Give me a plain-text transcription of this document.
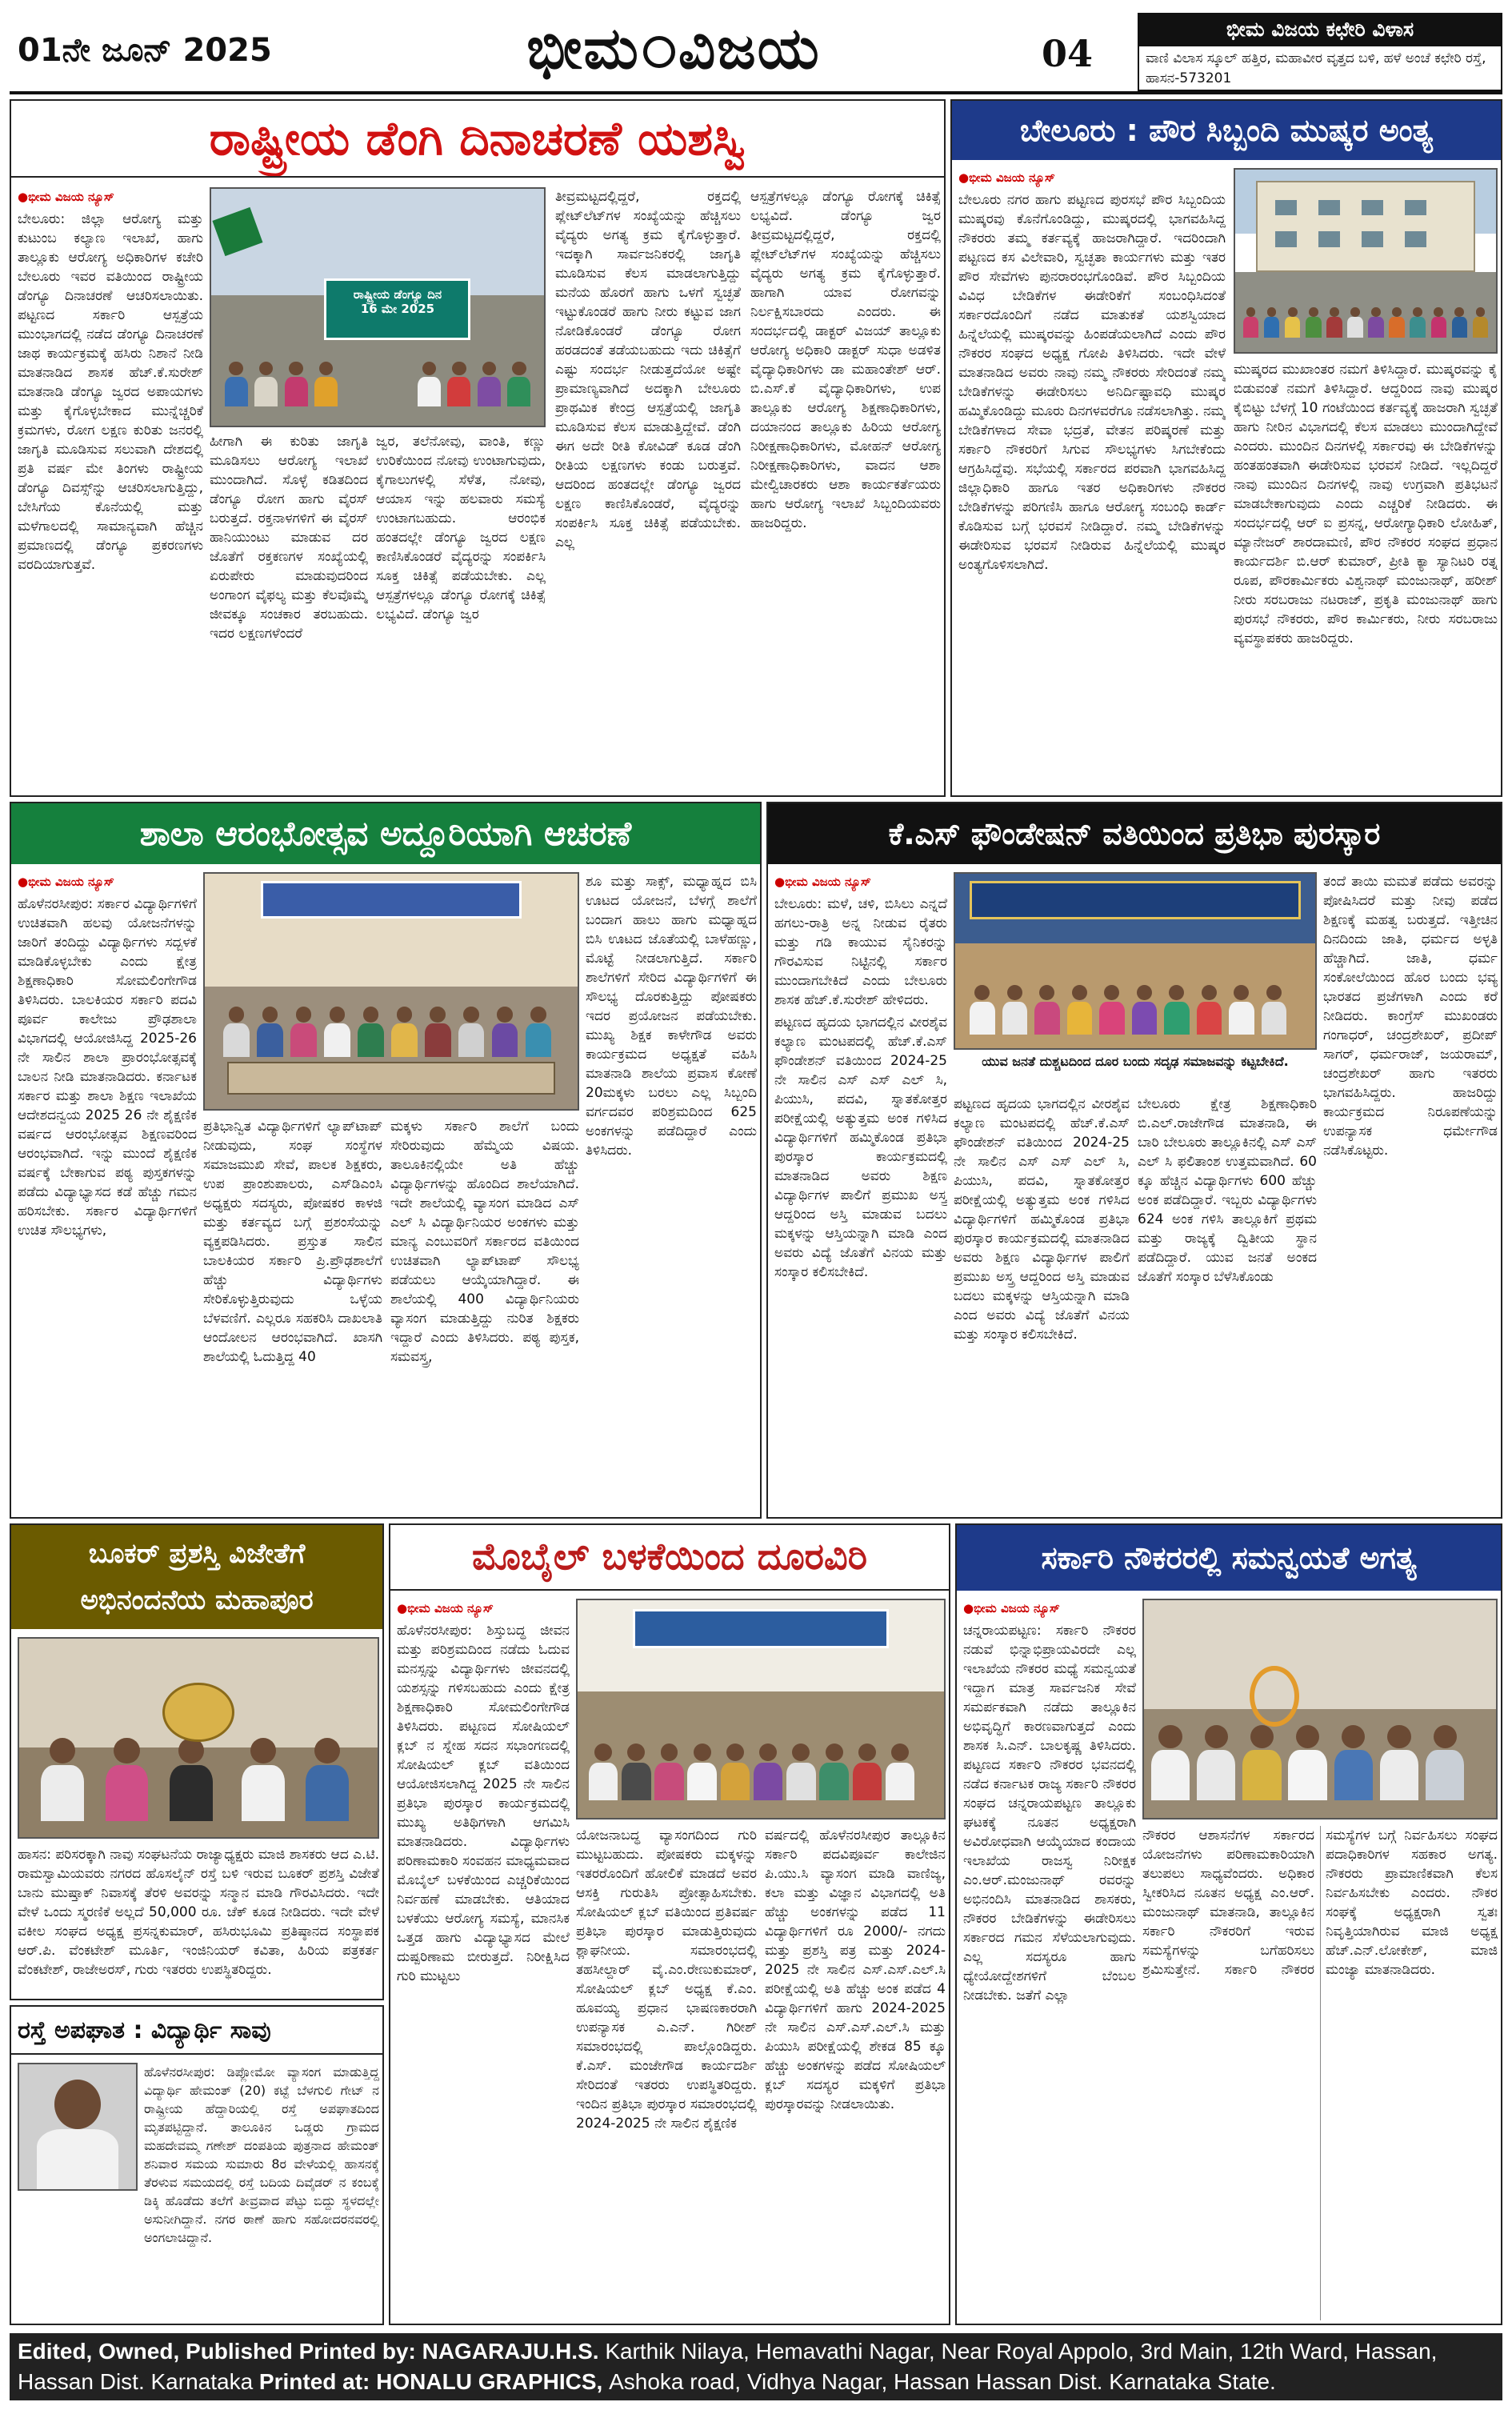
01ನೇ ಜೂನ್ 2025	ಭೀಮ ವಿಜಯ	04
ಭೀಮ ವಿಜಯ ಕಛೇರಿ ವಿಳಾಸ
ವಾಣಿ ವಿಲಾಸ ಸ್ಕೂಲ್ ಹತ್ತಿರ, ಮಹಾವೀರ ವೃತ್ತದ ಬಳಿ, ಹಳೆ ಅಂಚೆ ಕಛೇರಿ ರಸ್ತೆ, ಹಾಸನ-573201
ರಾಷ್ಟ್ರೀಯ ಡೆಂಗಿ ದಿನಾಚರಣೆ ಯಶಸ್ವಿ
ರಾಷ್ಟ್ರೀಯ ಡೆಂಗ್ಯೂ ದಿನ
16 ಮೇ 2025
● ಭೀಮ ವಿಜಯ ನ್ಯೂಸ್

ಬೇಲೂರು: ಜಿಲ್ಲಾ ಆರೋಗ್ಯ ಮತ್ತು ಕುಟುಂಬ ಕಲ್ಯಾಣ ಇಲಾಖೆ, ಹಾಗು ತಾಲ್ಲೂಕು ಆರೋಗ್ಯ ಅಧಿಕಾರಿಗಳ ಕಚೇರಿ ಬೇಲೂರು ಇವರ ವತಿಯಿಂದ ರಾಷ್ಟ್ರೀಯ ಡೆಂಗ್ಯೂ ದಿನಾಚರಣೆ ಆಚರಿಸಲಾಯಿತು. ಪಟ್ಟಣದ ಸರ್ಕಾರಿ ಆಸ್ಪತ್ರೆಯ ಮುಂಭಾಗದಲ್ಲಿ ನಡೆದ ಡೆಂಗ್ಯೂ ದಿನಾಚರಣೆ ಜಾಥ ಕಾರ್ಯಕ್ರಮಕ್ಕೆ ಹಸಿರು ನಿಶಾನೆ ನೀಡಿ ಮಾತನಾಡಿದ ಶಾಸಕ ಹೆಚ್.ಕೆ.ಸುರೇಶ್ ಮಾತನಾಡಿ ಡೆಂಗ್ಯೂ ಜ್ವರದ ಅಪಾಯಗಳು ಮತ್ತು ಕೈಗೊಳ್ಳಬೇಕಾದ ಮುನ್ನೆಚ್ಚರಿಕೆ ಕ್ರಮಗಳು, ರೋಗ ಲಕ್ಷಣ ಕುರಿತು ಜನರಲ್ಲಿ ಜಾಗೃತಿ ಮೂಡಿಸುವ ಸಲುವಾಗಿ ದೇಶದಲ್ಲಿ ಪ್ರತಿ ವರ್ಷ ಮೇ ತಿಂಗಳು ರಾಷ್ಟ್ರೀಯ ಡೆಂಗ್ಯೂ ದಿವಸ್ಸ್‌ನ್ನು ಆಚರಿಸಲಾಗುತ್ತಿದ್ದು, ಬೇಸಿಗೆಯ ಕೊನೆಯಲ್ಲಿ ಮತ್ತು ಮಳೆಗಾಲದಲ್ಲಿ ಸಾಮಾನ್ಯವಾಗಿ ಹೆಚ್ಚಿನ ಪ್ರಮಾಣದಲ್ಲಿ ಡೆಂಗ್ಯೂ ಪ್ರಕರಣಗಳು ವರದಿಯಾಗುತ್ತವೆ.

ಹೀಗಾಗಿ ಈ ಕುರಿತು ಜಾಗೃತಿ ಮೂಡಿಸಲು ಆರೋಗ್ಯ ಇಲಾಖೆ ಮುಂದಾಗಿದೆ. ಸೊಳ್ಳೆ ಕಡಿತದಿಂದ ಡೆಂಗ್ಯೂ ರೋಗ ಹಾಗು ವೈರಸ್ ಬರುತ್ತದೆ. ರಕ್ತನಾಳಗಳಿಗೆ ಈ ವೈರಸ್ ಹಾನಿಯುಂಟು ಮಾಡುವ ದರ ಜೊತೆಗೆ ರಕ್ತಕಣಗಳ ಸಂಖ್ಯೆಯಲ್ಲಿ ಏರುಪೇರು ಮಾಡುವುದರಿಂದ ಅಂಗಾಂಗ ವೈಫಲ್ಯ ಮತ್ತು ಕೆಲವೊಮ್ಮೆ ಜೀವಕ್ಕೂ ಸಂಚಕಾರ ತರಬಹುದು. ಇದರ ಲಕ್ಷಣಗಳೆಂದರೆ

ಜ್ವರ, ತಲೆನೋವು, ವಾಂತಿ, ಕಣ್ಣು ಉರಿಕೆಯಿಂದ ನೋವು ಉಂಟಾಗುವುದು, ಕೈಗಾಲುಗಳಲ್ಲಿ ಸೆಳೆತ, ನೋವು, ಆಯಾಸ ಇನ್ನು ಹಲವಾರು ಸಮಸ್ಯೆ ಉಂಟಾಗಬಹುದು. ಆರಂಭಿಕ ಹಂತದಲ್ಲೇ ಡೆಂಗ್ಯೂ ಜ್ವರದ ಲಕ್ಷಣ ಕಾಣಿಸಿಕೊಂಡರೆ ವೈದ್ಯರನ್ನು ಸಂಪರ್ಕಿಸಿ ಸೂಕ್ತ ಚಿಕಿತ್ಸೆ ಪಡೆಯಬೇಕು. ಎಲ್ಲ ಆಸ್ಪತ್ರೆಗಳಲ್ಲೂ ಡೆಂಗ್ಯೂ ರೋಗಕ್ಕೆ ಚಿಕಿತ್ಸೆ ಲಭ್ಯವಿದೆ. ಡೆಂಗ್ಯೂ ಜ್ವರ

ತೀವ್ರಮಟ್ಟದಲ್ಲಿದ್ದರೆ, ರಕ್ತದಲ್ಲಿ ಪ್ಲೇಟ್‌ಲೆಟ್‌ಗಳ ಸಂಖ್ಯೆಯನ್ನು ಹೆಚ್ಚಿಸಲು ವೈದ್ಯರು ಅಗತ್ಯ ಕ್ರಮ ಕೈಗೊಳ್ಳುತ್ತಾರೆ. ಇದಕ್ಕಾಗಿ ಸಾರ್ವಜನಿಕರಲ್ಲಿ ಜಾಗೃತಿ ಮೂಡಿಸುವ ಕೆಲಸ ಮಾಡಲಾಗುತ್ತಿದ್ದು ಮನೆಯ ಹೊರಗೆ ಹಾಗು ಒಳಗೆ ಸ್ವಚ್ಛತೆ ಇಟ್ಟುಕೊಂಡರೆ ಹಾಗು ನೀರು ಕಟ್ಟುವ ಜಾಗ ನೋಡಿಕೊಂಡರೆ ಡೆಂಗ್ಯೂ ರೋಗ ಹರಡದಂತೆ ತಡೆಯಬಹುದು ಇದು ಚಿಕಿತ್ಸೆಗೆ ಎಷ್ಟು ಸಂದರ್ಭ ನೀಡುತ್ತದೆಯೋ ಅಷ್ಟೇ ಪ್ರಾಮಾಣ್ಯವಾಗಿದೆ ಅದಕ್ಕಾಗಿ ಬೇಲೂರು ಪ್ರಾಥಮಿಕ ಕೇಂದ್ರ ಆಸ್ಪತ್ರೆಯಲ್ಲಿ ಜಾಗೃತಿ ಮೂಡಿಸುವ ಕೆಲಸ ಮಾಡುತ್ತಿದ್ದೇವೆ. ಡೆಂಗಿ ಈಗ ಅದೇ ರೀತಿ ಕೋವಿಡ್ ಕೂಡ ಡೆಂಗಿ ರೀತಿಯ ಲಕ್ಷಣಗಳು ಕಂಡು ಬರುತ್ತವೆ. ಆದರಿಂದ ಹಂತದಲ್ಲೇ ಡೆಂಗ್ಯೂ ಜ್ವರದ ಲಕ್ಷಣ ಕಾಣಿಸಿಕೊಂಡರೆ, ವೈದ್ಯರನ್ನು ಸಂಪರ್ಕಿಸಿ ಸೂಕ್ತ ಚಿಕಿತ್ಸೆ ಪಡೆಯಬೇಕು. ಎಲ್ಲ

ಆಸ್ಪತ್ರೆಗಳಲ್ಲೂ ಡೆಂಗ್ಯೂ ರೋಗಕ್ಕೆ ಚಿಕಿತ್ಸೆ ಲಭ್ಯವಿದೆ. ಡೆಂಗ್ಯೂ ಜ್ವರ ತೀವ್ರಮಟ್ಟದಲ್ಲಿದ್ದರೆ, ರಕ್ತದಲ್ಲಿ ಪ್ಲೇಟ್‌ಲೆಟ್‌ಗಳ ಸಂಖ್ಯೆಯನ್ನು ಹೆಚ್ಚಿಸಲು ವೈದ್ಯರು ಅಗತ್ಯ ಕ್ರಮ ಕೈಗೊಳ್ಳುತ್ತಾರೆ. ಹಾಗಾಗಿ ಯಾವ ರೋಗವನ್ನು ನಿರ್ಲಕ್ಷಿಸಬಾರದು ಎಂದರು. ಈ ಸಂದರ್ಭದಲ್ಲಿ ಡಾಕ್ಟರ್ ವಿಜಯ್ ತಾಲ್ಲೂಕು ಆರೋಗ್ಯ ಅಧಿಕಾರಿ ಡಾಕ್ಟರ್ ಸುಧಾ ಅಡಳಿತ ವೈದ್ಯಾಧಿಕಾರಿಗಳು ಡಾ ಮಹಾಂತೇಶ್ ಆರ್. ಬಿ.ಎಸ್.ಕೆ ವೈದ್ಯಾಧಿಕಾರಿಗಳು, ಉಪ ತಾಲ್ಲೂಕು ಆರೋಗ್ಯ ಶಿಕ್ಷಣಾಧಿಕಾರಿಗಳು, ದಯಾನಂದ ತಾಲ್ಲೂಕು ಹಿರಿಯ ಆರೋಗ್ಯ ನಿರೀಕ್ಷಣಾಧಿಕಾರಿಗಳು, ಮೋಹನ್ ಆರೋಗ್ಯ ನಿರೀಕ್ಷಣಾಧಿಕಾರಿಗಳು, ವಾದನ ಆಶಾ ಮೇಲ್ವಿಚಾರಕರು ಆಶಾ ಕಾರ್ಯಕರ್ತೆಯರು ಹಾಗು ಆರೋಗ್ಯ ಇಲಾಖೆ ಸಿಬ್ಬಂದಿಯವರು ಹಾಜರಿದ್ದರು.

ಬೇಲೂರು : ಪೌರ ಸಿಬ್ಬಂದಿ ಮುಷ್ಕರ ಅಂತ್ಯ
● ಭೀಮ ವಿಜಯ ನ್ಯೂಸ್

ಬೇಲೂರು ನಗರ ಹಾಗು ಪಟ್ಟಣದ ಪುರಸಭೆ ಪೌರ ಸಿಬ್ಬಂದಿಯ ಮುಷ್ಕರವು ಕೊನೆಗೊಂಡಿದ್ದು, ಮುಷ್ಕರದಲ್ಲಿ ಭಾಗವಹಿಸಿದ್ದ ನೌಕರರು ತಮ್ಮ ಕರ್ತವ್ಯಕ್ಕೆ ಹಾಜರಾಗಿದ್ದಾರೆ. ಇದರಿಂದಾಗಿ ಪಟ್ಟಣದ ಕಸ ವಿಲೇವಾರಿ, ಸ್ವಚ್ಛತಾ ಕಾರ್ಯಗಳು ಮತ್ತು ಇತರ ಪೌರ ಸೇವೆಗಳು ಪುನರಾರಂಭಗೊಂಡಿವೆ. ಪೌರ ಸಿಬ್ಬಂದಿಯ ವಿವಿಧ ಬೇಡಿಕೆಗಳ ಈಡೇರಿಕೆಗೆ ಸಂಬಂಧಿಸಿದಂತೆ ಸರ್ಕಾರದೊಂದಿಗೆ ನಡೆದ ಮಾತುಕತೆ ಯಶಸ್ವಿಯಾದ ಹಿನ್ನೆಲೆಯಲ್ಲಿ ಮುಷ್ಕರವನ್ನು ಹಿಂಪಡೆಯಲಾಗಿದೆ ಎಂದು ಪೌರ ನೌಕರರ ಸಂಘದ ಅಧ್ಯಕ್ಷ ಗೋಪಿ ತಿಳಿಸಿದರು. ಇದೇ ವೇಳೆ ಮಾತನಾಡಿದ ಅವರು ನಾವು ನಮ್ಮ ನೌಕರರು ಸೇರಿದಂತೆ ನಮ್ಮ ಬೇಡಿಕೆಗಳನ್ನು ಈಡೇರಿಸಲು ಅನಿರ್ದಿಷ್ಟಾವಧಿ ಮುಷ್ಕರ ಹಮ್ಮಿಕೊಂಡಿದ್ದು ಮೂರು ದಿನಗಳವರೆಗೂ ನಡೆಸಲಾಗಿತ್ತು. ನಮ್ಮ ಬೇಡಿಕೆಗಳಾದ ಸೇವಾ ಭದ್ರತೆ, ವೇತನ ಪರಿಷ್ಕರಣೆ ಮತ್ತು ಸರ್ಕಾರಿ ನೌಕರರಿಗೆ ಸಿಗುವ ಸೌಲಭ್ಯಗಳು ಸಿಗಬೇಕೆಂದು ಆಗ್ರಹಿಸಿದ್ದೆವು. ಸಭೆಯಲ್ಲಿ ಸರ್ಕಾರದ ಪರವಾಗಿ ಭಾಗವಹಿಸಿದ್ದ ಜಿಲ್ಲಾಧಿಕಾರಿ ಹಾಗೂ ಇತರ ಅಧಿಕಾರಿಗಳು ನೌಕರರ ಬೇಡಿಕೆಗಳನ್ನು ಪರಿಗಣಿಸಿ ಹಾಗೂ ಆರೋಗ್ಯ ಸಂಬಂಧಿ ಕಾರ್ಡ್ ಕೊಡಿಸುವ ಬಗ್ಗೆ ಭರವಸೆ ನೀಡಿದ್ದಾರೆ. ನಮ್ಮ ಬೇಡಿಕೆಗಳನ್ನು ಈಡೇರಿಸುವ ಭರವಸೆ ನೀಡಿರುವ ಹಿನ್ನೆಲೆಯಲ್ಲಿ ಮುಷ್ಕರ ಅಂತ್ಯಗೊಳಿಸಲಾಗಿದೆ.

ಮುಷ್ಕರದ ಮುಖಾಂತರ ನಮಗೆ ತಿಳಿಸಿದ್ದಾರೆ. ಮುಷ್ಕರವನ್ನು ಕೈ ಬಿಡುವಂತೆ ನಮಗೆ ತಿಳಿಸಿದ್ದಾರೆ. ಆದ್ದರಿಂದ ನಾವು ಮುಷ್ಕರ ಕೈಬಿಟ್ಟು ಬೆಳಗ್ಗೆ 10 ಗಂಟೆಯಿಂದ ಕರ್ತವ್ಯಕ್ಕೆ ಹಾಜರಾಗಿ ಸ್ವಚ್ಛತೆ ಹಾಗು ನೀರಿನ ವಿಭಾಗದಲ್ಲಿ ಕೆಲಸ ಮಾಡಲು ಮುಂದಾಗಿದ್ದೇವೆ ಎಂದರು. ಮುಂದಿನ ದಿನಗಳಲ್ಲಿ ಸರ್ಕಾರವು ಈ ಬೇಡಿಕೆಗಳನ್ನು ಹಂತಹಂತವಾಗಿ ಈಡೇರಿಸುವ ಭರವಸೆ ನೀಡಿದೆ. ಇಲ್ಲದಿದ್ದರೆ ನಾವು ಮುಂದಿನ ದಿನಗಳಲ್ಲಿ ನಾವು ಉಗ್ರವಾಗಿ ಪ್ರತಿಭಟನೆ ಮಾಡಬೇಕಾಗುವುದು ಎಂದು ಎಚ್ಚರಿಕೆ ನೀಡಿದರು. ಈ ಸಂದರ್ಭದಲ್ಲಿ ಆರ್ ಐ ಪ್ರಸನ್ನ, ಆರೋಗ್ಯಾಧಿಕಾರಿ ಲೋಹಿತ್, ಮ್ಯಾನೇಜರ್ ಶಾರದಾಮಣಿ, ಪೌರ ನೌಕರರ ಸಂಘದ ಪ್ರಧಾನ ಕಾರ್ಯದರ್ಶಿ ಬಿ.ಆರ್ ಕುಮಾರ್, ಪ್ರೀತಿ ಕ್ಯಾ ಸ್ಯಾನಿಟರಿ ರತ್ನ ರೂಪ, ಪೌರಕಾರ್ಮಿಕರು ವಿಶ್ವನಾಥ್ ಮಂಜುನಾಥ್, ಹರೀಶ್ ನೀರು ಸರಬರಾಜು ನಟರಾಜ್, ಪ್ರಕೃತಿ ಮಂಜುನಾಥ್ ಹಾಗು ಪುರಸಭೆ ನೌಕರರು, ಪೌರ ಕಾರ್ಮಿಕರು, ನೀರು ಸರಬರಾಜು ವ್ಯವಸ್ಥಾಪಕರು ಹಾಜರಿದ್ದರು.

ಶಾಲಾ ಆರಂಭೋತ್ಸವ ಅದ್ದೂರಿಯಾಗಿ ಆಚರಣೆ
● ಭೀಮ ವಿಜಯ ನ್ಯೂಸ್

ಹೊಳೆನರಸೀಪುರ: ಸರ್ಕಾರ ವಿದ್ಯಾರ್ಥಿಗಳಿಗೆ ಉಚಿತವಾಗಿ ಹಲವು ಯೋಜನೆಗಳನ್ನು ಜಾರಿಗೆ ತಂದಿದ್ದು ವಿದ್ಯಾರ್ಥಿಗಳು ಸದ್ಬಳಕೆ ಮಾಡಿಕೊಳ್ಳಬೇಕು ಎಂದು ಕ್ಷೇತ್ರ ಶಿಕ್ಷಣಾಧಿಕಾರಿ ಸೋಮಲಿಂಗೇಗೌಡ ತಿಳಿಸಿದರು. ಬಾಲಕಿಯರ ಸರ್ಕಾರಿ ಪದವಿ ಪೂರ್ವ ಕಾಲೇಜು ಪ್ರೌಢಶಾಲಾ ವಿಭಾಗದಲ್ಲಿ ಆಯೋಜಿಸಿದ್ದ 2025-26 ನೇ ಸಾಲಿನ ಶಾಲಾ ಪ್ರಾರಂಭೋತ್ಸವಕ್ಕೆ ಬಾಲನ ನೀಡಿ ಮಾತನಾಡಿದರು. ಕರ್ನಾಟಕ ಸರ್ಕಾರ ಮತ್ತು ಶಾಲಾ ಶಿಕ್ಷಣ ಇಲಾಖೆಯ ಆದೇಶದನ್ವಯ 2025 26 ನೇ ಶೈಕ್ಷಣಿಕ ವರ್ಷದ ಆರಂಭೋತ್ಸವ ಶಿಕ್ಷಣವರಿಂದ ಆರಂಭವಾಗಿದೆ. ಇನ್ನು ಮುಂದೆ ಶೈಕ್ಷಣಿಕ ವರ್ಷಕ್ಕೆ ಬೇಕಾಗುವ ಪಠ್ಯ ಪುಸ್ತಕಗಳನ್ನು ಪಡೆದು ವಿದ್ಯಾಭ್ಯಾಸದ ಕಡೆ ಹೆಚ್ಚು ಗಮನ ಹರಿಸಬೇಕು. ಸರ್ಕಾರ ವಿದ್ಯಾರ್ಥಿಗಳಿಗೆ ಉಚಿತ ಸೌಲಭ್ಯಗಳು,

ಪ್ರತಿಭಾನ್ವಿತ ವಿದ್ಯಾರ್ಥಿಗಳಿಗೆ ಲ್ಯಾಪ್‌ಟಾಪ್ ನೀಡುವುದು, ಸಂಘ ಸಂಸ್ಥೆಗಳ ಸಮಾಜಮುಖಿ ಸೇವೆ, ಪಾಲಕ ಶಿಕ್ಷಕರು, ಉಪ ಪ್ರಾಂಶುಪಾಲರು, ಎಸ್‌ಡಿಎಂಸಿ ಅಧ್ಯಕ್ಷರು ಸದಸ್ಯರು, ಪೋಷಕರ ಕಾಳಜಿ ಮತ್ತು ಕರ್ತವ್ಯದ ಬಗ್ಗೆ ಪ್ರಶಂಸೆಯನ್ನು ವ್ಯಕ್ತಪಡಿಸಿದರು. ಪ್ರಸ್ತುತ ಸಾಲಿನ ಬಾಲಕಿಯರ ಸರ್ಕಾರಿ ಪ್ರಿ.ಪ್ರೌಢಶಾಲೆಗೆ ಹೆಚ್ಚು ವಿದ್ಯಾರ್ಥಿಗಳು ಸೇರಿಕೊಳ್ಳುತ್ತಿರುವುದು ಒಳ್ಳೆಯ ಬೆಳವಣಿಗೆ. ಎಲ್ಲರೂ ಸಹಕರಿಸಿ ದಾಖಲಾತಿ ಆಂದೋಲನ ಆರಂಭವಾಗಿದೆ. ಖಾಸಗಿ ಶಾಲೆಯಲ್ಲಿ ಓದುತ್ತಿದ್ದ 40

ಮಕ್ಕಳು ಸರ್ಕಾರಿ ಶಾಲೆಗೆ ಬಂದು ಸೇರಿರುವುದು ಹೆಮ್ಮೆಯ ವಿಷಯ. ತಾಲೂಕಿನಲ್ಲಿಯೇ ಅತಿ ಹೆಚ್ಚು ವಿದ್ಯಾರ್ಥಿಗಳನ್ನು ಹೊಂದಿದ ಶಾಲೆಯಾಗಿದೆ. ಇದೇ ಶಾಲೆಯಲ್ಲಿ ವ್ಯಾಸಂಗ ಮಾಡಿದ ಎಸ್ ಎಲ್ ಸಿ ವಿದ್ಯಾರ್ಥಿನಿಯರ ಅಂಕಗಳು ಮತ್ತು ಮಾನ್ಯ ಎಂಬುವರಿಗೆ ಸರ್ಕಾರದ ವತಿಯಿಂದ ಉಚಿತವಾಗಿ ಲ್ಯಾಪ್‌ಟಾಪ್ ಸೌಲಭ್ಯ ಪಡೆಯಲು ಆಯ್ಕೆಯಾಗಿದ್ದಾರೆ. ಈ ಶಾಲೆಯಲ್ಲಿ 400 ವಿದ್ಯಾರ್ಥಿನಿಯರು ವ್ಯಾಸಂಗ ಮಾಡುತ್ತಿದ್ದು ನುರಿತ ಶಿಕ್ಷಕರು ಇದ್ದಾರೆ ಎಂದು ತಿಳಿಸಿದರು. ಪಠ್ಯ ಪುಸ್ತಕ, ಸಮವಸ್ತ್ರ,

ಶೂ ಮತ್ತು ಸಾಕ್ಸ್, ಮಧ್ಯಾಹ್ನದ ಬಿಸಿ ಊಟದ ಯೋಜನೆ, ಬೆಳಗ್ಗೆ ಶಾಲೆಗೆ ಬಂದಾಗ ಹಾಲು ಹಾಗು ಮಧ್ಯಾಹ್ನದ ಬಿಸಿ ಊಟದ ಜೊತೆಯಲ್ಲಿ ಬಾಳೆಹಣ್ಣು, ಮೊಟ್ಟೆ ನೀಡಲಾಗುತ್ತಿದೆ. ಸರ್ಕಾರಿ ಶಾಲೆಗಳಿಗೆ ಸೇರಿದ ವಿದ್ಯಾರ್ಥಿಗಳಿಗೆ ಈ ಸೌಲಭ್ಯ ದೊರಕುತ್ತಿದ್ದು ಪೋಷಕರು ಇದರ ಪ್ರಯೋಜನ ಪಡೆಯಬೇಕು. ಮುಖ್ಯ ಶಿಕ್ಷಕ ಕಾಳೇಗೌಡ ಅವರು ಕಾರ್ಯಕ್ರಮದ ಅಧ್ಯಕ್ಷತೆ ವಹಿಸಿ ಮಾತನಾಡಿ ಶಾಲೆಯ ಪ್ರವಾಸ ಕೋಣೆ 20ಮಕ್ಕಳು ಬರಲು ಎಲ್ಲ ಸಿಬ್ಬಂದಿ ವರ್ಗದವರ ಪರಿಶ್ರಮದಿಂದ 625 ಅಂಕಗಳನ್ನು ಪಡೆದಿದ್ದಾರೆ ಎಂದು ತಿಳಿಸಿದರು.

ಕೆ.ಎಸ್ ಫೌಂಡೇಷನ್ ವತಿಯಿಂದ ಪ್ರತಿಭಾ ಪುರಸ್ಕಾರ
ಯುವ ಜನತೆ ದುಶ್ಚಟದಿಂದ ದೂರ ಬಂದು ಸದೃಢ ಸಮಾಜವನ್ನು ಕಟ್ಟಬೇಕಿದೆ.
● ಭೀಮ ವಿಜಯ ನ್ಯೂಸ್

ಬೇಲೂರು: ಮಳೆ, ಚಳಿ, ಬಿಸಿಲು ಎನ್ನದೆ ಹಗಲು-ರಾತ್ರಿ ಅನ್ನ ನೀಡುವ ರೈತರು ಮತ್ತು ಗಡಿ ಕಾಯುವ ಸೈನಿಕರನ್ನು ಗೌರವಿಸುವ ನಿಟ್ಟಿನಲ್ಲಿ ಸರ್ಕಾರ ಮುಂದಾಗಬೇಕಿದೆ ಎಂದು ಬೇಲೂರು ಶಾಸಕ ಹೆಚ್.ಕೆ.ಸುರೇಶ್ ಹೇಳಿದರು.

ಪಟ್ಟಣದ ಹೃದಯ ಭಾಗದಲ್ಲಿನ ವೀರಶೈವ ಕಲ್ಯಾಣ ಮಂಟಪದಲ್ಲಿ ಹೆಚ್.ಕೆ.ಎಸ್ ಫೌಂಡೇಶನ್ ವತಿಯಿಂದ 2024-25 ನೇ ಸಾಲಿನ ಎಸ್ ಎಸ್ ಎಲ್ ಸಿ, ಪಿಯುಸಿ, ಪದವಿ, ಸ್ನಾತಕೋತ್ತರ ಪರೀಕ್ಷೆಯಲ್ಲಿ ಅತ್ಯುತ್ತಮ ಅಂಕ ಗಳಿಸಿದ ವಿದ್ಯಾರ್ಥಿಗಳಿಗೆ ಹಮ್ಮಿಕೊಂಡ ಪ್ರತಿಭಾ ಪುರಸ್ಕಾರ ಕಾರ್ಯಕ್ರಮದಲ್ಲಿ ಮಾತನಾಡಿದ ಅವರು ಶಿಕ್ಷಣ ವಿದ್ಯಾರ್ಥಿಗಳ ಪಾಲಿಗೆ ಪ್ರಮುಖ ಅಸ್ತ್ರ ಆದ್ದರಿಂದ ಅಸ್ತಿ ಮಾಡುವ ಬದಲು ಮಕ್ಕಳನ್ನು ಆಸ್ತಿಯನ್ನಾಗಿ ಮಾಡಿ ಎಂದ ಅವರು ವಿದ್ಯೆ ಜೊತೆಗೆ ವಿನಯ ಮತ್ತು ಸಂಸ್ಕಾರ ಕಲಿಸಬೇಕಿದೆ.

ಪಟ್ಟಣದ ಹೃದಯ ಭಾಗದಲ್ಲಿನ ವೀರಶೈವ ಕಲ್ಯಾಣ ಮಂಟಪದಲ್ಲಿ ಹೆಚ್.ಕೆ.ಎಸ್ ಫೌಂಡೇಶನ್ ವತಿಯಿಂದ 2024-25 ನೇ ಸಾಲಿನ ಎಸ್ ಎಸ್ ಎಲ್ ಸಿ, ಪಿಯುಸಿ, ಪದವಿ, ಸ್ನಾತಕೋತ್ತರ ಪರೀಕ್ಷೆಯಲ್ಲಿ ಅತ್ಯುತ್ತಮ ಅಂಕ ಗಳಿಸಿದ ವಿದ್ಯಾರ್ಥಿಗಳಿಗೆ ಹಮ್ಮಿಕೊಂಡ ಪ್ರತಿಭಾ ಪುರಸ್ಕಾರ ಕಾರ್ಯಕ್ರಮದಲ್ಲಿ ಮಾತನಾಡಿದ ಅವರು ಶಿಕ್ಷಣ ವಿದ್ಯಾರ್ಥಿಗಳ ಪಾಲಿಗೆ ಪ್ರಮುಖ ಅಸ್ತ್ರ ಆದ್ದರಿಂದ ಅಸ್ತಿ ಮಾಡುವ ಬದಲು ಮಕ್ಕಳನ್ನು ಆಸ್ತಿಯನ್ನಾಗಿ ಮಾಡಿ ಎಂದ ಅವರು ವಿದ್ಯೆ ಜೊತೆಗೆ ವಿನಯ ಮತ್ತು ಸಂಸ್ಕಾರ ಕಲಿಸಬೇಕಿದೆ.

ಬೇಲೂರು ಕ್ಷೇತ್ರ ಶಿಕ್ಷಣಾಧಿಕಾರಿ ಬಿ.ಎಲ್.ರಾಜೇಗೌಡ ಮಾತನಾಡಿ, ಈ ಬಾರಿ ಬೇಲೂರು ತಾಲ್ಲೂಕಿನಲ್ಲಿ ಎಸ್ ಎಸ್ ಎಲ್ ಸಿ ಫಲಿತಾಂಶ ಉತ್ತಮವಾಗಿದೆ. 60 ಕ್ಕೂ ಹೆಚ್ಚಿನ ವಿದ್ಯಾರ್ಥಿಗಳು 600 ಹೆಚ್ಚು ಅಂಕ ಪಡೆದಿದ್ದಾರೆ. ಇಬ್ಬರು ವಿದ್ಯಾರ್ಥಿಗಳು 624 ಅಂಕ ಗಳಿಸಿ ತಾಲ್ಲೂಕಿಗೆ ಪ್ರಥಮ ಮತ್ತು ರಾಜ್ಯಕ್ಕೆ ದ್ವಿತೀಯ ಸ್ಥಾನ ಪಡೆದಿದ್ದಾರೆ. ಯುವ ಜನತೆ ಅಂಕದ ಜೊತೆಗೆ ಸಂಸ್ಕಾರ ಬೆಳೆಸಿಕೊಂಡು

ತಂದೆ ತಾಯಿ ಮಮತೆ ಪಡೆದು ಅವರನ್ನು ಪೋಷಿಸಿದರೆ ಮತ್ತು ನೀವು ಪಡೆದ ಶಿಕ್ಷಣಕ್ಕೆ ಮಹತ್ವ ಬರುತ್ತದೆ. ಇತ್ತೀಚಿನ ದಿನದಿಂದು ಜಾತಿ, ಧರ್ಮದ ಅಳ್ಳತಿ ಹೆಚ್ಚಾಗಿದೆ. ಜಾತಿ, ಧರ್ಮ ಸಂಕೋಲೆಯಿಂದ ಹೊರ ಬಂದು ಭವ್ಯ ಭಾರತದ ಪ್ರಜೆಗಳಾಗಿ ಎಂದು ಕರೆ ನೀಡಿದರು. ಕಾಂಗ್ರೆಸ್ ಮುಖಂಡರು ಗಂಗಾಧರ್, ಚಂದ್ರಶೇಖರ್, ಪ್ರದೀಪ್ ಸಾಗರ್, ಧರ್ಮರಾಜ್, ಜಯರಾಮ್, ಚಂದ್ರಶೇಖರ್ ಹಾಗು ಇತರರು ಭಾಗವಹಿಸಿದ್ದರು. ಹಾಜರಿದ್ದು ಕಾರ್ಯಕ್ರಮದ ನಿರೂಪಣೆಯನ್ನು ಉಪನ್ಯಾಸಕ ಧರ್ಮೇಗೌಡ ನಡೆಸಿಕೊಟ್ಟರು.

ಬೂಕರ್ ಪ್ರಶಸ್ತಿ ವಿಜೇತೆಗೆ
ಅಭಿನಂದನೆಯ ಮಹಾಪೂರ

ಹಾಸನ: ಪರಿಸರಕ್ಕಾಗಿ ನಾವು ಸಂಘಟನೆಯ ರಾಜ್ಯಾಧ್ಯಕ್ಷರು ಮಾಜಿ ಶಾಸಕರು ಆದ ಎ.ಟಿ. ರಾಮಸ್ವಾಮಿಯವರು ನಗರದ ಹೊಸಲೈನ್ ರಸ್ತೆ ಬಳಿ ಇರುವ ಬೂಕರ್ ಪ್ರಶಸ್ತಿ ವಿಜೇತೆ ಬಾನು ಮುಷ್ತಾಕ್ ನಿವಾಸಕ್ಕೆ ತೆರಳಿ ಅವರನ್ನು ಸನ್ಮಾನ ಮಾಡಿ ಗೌರವಿಸಿದರು. ಇದೇ ವೇಳೆ ಒಂದು ಸ್ಮರಣಿಕೆ ಅಲ್ಲದೆ 50,000 ರೂ. ಚೆಕ್ ಕೂಡ ನೀಡಿದರು. ಇದೇ ವೇಳೆ ವಕೀಲ ಸಂಘದ ಅಧ್ಯಕ್ಷ ಪ್ರಸನ್ನಕುಮಾರ್, ಹಸಿರುಭೂಮಿ ಪ್ರತಿಷ್ಠಾನದ ಸಂಸ್ಥಾಪಕ ಆರ್.ಪಿ. ವೆಂಕಟೇಶ್ ಮೂರ್ತಿ, ಇಂಜಿನಿಯರ್ ಕವಿತಾ, ಹಿರಿಯ ಪತ್ರಕರ್ತ ವೆಂಕಟೇಶ್, ರಾಜೇಅರಸ್, ಗುರು ಇತರರು ಉಪಸ್ಥಿತರಿದ್ದರು.

ರಸ್ತೆ ಅಪಘಾತ : ವಿದ್ಯಾರ್ಥಿ ಸಾವು

ಹೊಳೆನರಸೀಪುರ: ಡಿಪ್ಲೋಮೋ ವ್ಯಾಸಂಗ ಮಾಡುತ್ತಿದ್ದ ವಿದ್ಯಾರ್ಥಿ ಹೇಮಂತ್ (20) ಕಟ್ಟೆ ಬೆಳಗುಲಿ ಗೇಟ್ ನ ರಾಷ್ಟ್ರೀಯ ಹೆದ್ದಾರಿಯಲ್ಲಿ ರಸ್ತೆ ಅಪಘಾತದಿಂದ ಮೃತಪಟ್ಟಿದ್ದಾನೆ. ತಾಲೂಕಿನ ಒಡ್ಡರು ಗ್ರಾಮದ ಮಹದೇವಮ್ಮ ಗಣೇಶ್ ದಂಪತಿಯ ಪುತ್ರನಾದ ಹೇಮಂತ್ ಶನಿವಾರ ಸಮಯ ಸುಮಾರು 8ರ ವೇಳೆಯಲ್ಲಿ ಹಾಸನಕ್ಕೆ ತೆರಳುವ ಸಮಯದಲ್ಲಿ ರಸ್ತೆ ಬದಿಯ ದಿವೈಡರ್ ನ ಕಂಬಕ್ಕೆ ಡಿಕ್ಕಿ ಹೊಡೆದು ತಲೆಗೆ ತೀವ್ರವಾದ ಪೆಟ್ಟು ಬಿದ್ದು ಸ್ಥಳದಲ್ಲೇ ಅಸುನೀಗಿದ್ದಾನೆ. ನಗರ ಠಾಣೆ ಹಾಗು ಸಹೋದರನವರಲ್ಲಿ ಅಂಗಲಾಚಿದ್ದಾನೆ.

ಮೊಬೈಲ್ ಬಳಕೆಯಿಂದ ದೂರವಿರಿ
● ಭೀಮ ವಿಜಯ ನ್ಯೂಸ್

ಹೊಳೆನರಸೀಪುರ: ಶಿಸ್ತುಬದ್ಧ ಜೀವನ ಮತ್ತು ಪರಿಶ್ರಮದಿಂದ ನಡೆದು ಓದುವ ಮನಸ್ಸನ್ನು ವಿದ್ಯಾರ್ಥಿಗಳು ಜೀವನದಲ್ಲಿ ಯಶಸ್ಸನ್ನು ಗಳಿಸಬಹುದು ಎಂದು ಕ್ಷೇತ್ರ ಶಿಕ್ಷಣಾಧಿಕಾರಿ ಸೋಮಲಿಂಗೇಗೌಡ ತಿಳಿಸಿದರು. ಪಟ್ಟಣದ ಸೋಷಿಯಲ್ ಕ್ಲಬ್ ನ ಸ್ನೇಹ ಸದನ ಸಭಾಂಗಣದಲ್ಲಿ ಸೋಷಿಯಲ್ ಕ್ಲಬ್ ವತಿಯಿಂದ ಆಯೋಜಿಸಲಾಗಿದ್ದ 2025 ನೇ ಸಾಲಿನ ಪ್ರತಿಭಾ ಪುರಸ್ಕಾರ ಕಾರ್ಯಕ್ರಮದಲ್ಲಿ ಮುಖ್ಯ ಅತಿಥಿಗಳಾಗಿ ಆಗಮಿಸಿ ಮಾತನಾಡಿದರು. ವಿದ್ಯಾರ್ಥಿಗಳು ಪರಿಣಾಮಕಾರಿ ಸಂವಹನ ಮಾಧ್ಯಮವಾದ ಮೊಬೈಲ್ ಬಳಕೆಯಿಂದ ಎಚ್ಚರಿಕೆಯಿಂದ ನಿರ್ವಹಣೆ ಮಾಡಬೇಕು. ಆತಿಯಾದ ಬಳಕೆಯು ಆರೋಗ್ಯ ಸಮಸ್ಯೆ, ಮಾನಸಿಕ ಒತ್ತಡ ಹಾಗು ವಿದ್ಯಾಭ್ಯಾಸದ ಮೇಲೆ ದುಷ್ಪರಿಣಾಮ ಬೀರುತ್ತದೆ. ನಿರೀಕ್ಷಿಸಿದ ಗುರಿ ಮುಟ್ಟಲು

ಯೋಜನಾಬದ್ಧ ವ್ಯಾಸಂಗದಿಂದ ಗುರಿ ಮುಟ್ಟಬಹುದು. ಪೋಷಕರು ಮಕ್ಕಳನ್ನು ಇತರರೊಂದಿಗೆ ಹೋಲಿಕೆ ಮಾಡದೆ ಅವರ ಆಸಕ್ತಿ ಗುರುತಿಸಿ ಪ್ರೋತ್ಸಾಹಿಸಬೇಕು. ಸೋಷಿಯಲ್ ಕ್ಲಬ್ ವತಿಯಿಂದ ಪ್ರತಿವರ್ಷ ಪ್ರತಿಭಾ ಪುರಸ್ಕಾರ ಮಾಡುತ್ತಿರುವುದು ಶ್ಲಾಘನೀಯ. ಸಮಾರಂಭದಲ್ಲಿ ತಹಸೀಲ್ದಾರ್ ವೈ.ಎಂ.ರೇಣುಕುಮಾರ್, ಸೋಷಿಯಲ್ ಕ್ಲಬ್ ಅಧ್ಯಕ್ಷ ಕೆ.ಎಂ. ಹೂವಯ್ಯ ಪ್ರಧಾನ ಭಾಷಣಕಾರರಾಗಿ ಉಪನ್ಯಾಸಕ ಎ.ಎನ್. ಗಿರೀಶ್ ಸಮಾರಂಭದಲ್ಲಿ ಪಾಲ್ಗೊಂಡಿದ್ದರು. ಕೆ.ಎಸ್. ಮಂಜೇಗೌಡ ಕಾರ್ಯದರ್ಶಿ ಸೇರಿದಂತೆ ಇತರರು ಉಪಸ್ಥಿತರಿದ್ದರು. ಇಂದಿನ ಪ್ರತಿಭಾ ಪುರಸ್ಕಾರ ಸಮಾರಂಭದಲ್ಲಿ 2024-2025 ನೇ ಸಾಲಿನ ಶೈಕ್ಷಣಿಕ

ವರ್ಷದಲ್ಲಿ ಹೊಳೆನರಸೀಪುರ ತಾಲ್ಲೂಕಿನ ಸರ್ಕಾರಿ ಪದವಿಪೂರ್ವ ಕಾಲೇಜಿನ ಪಿ.ಯು.ಸಿ ವ್ಯಾಸಂಗ ಮಾಡಿ ವಾಣಿಜ್ಯ, ಕಲಾ ಮತ್ತು ವಿಜ್ಞಾನ ವಿಭಾಗದಲ್ಲಿ ಅತಿ ಹೆಚ್ಚು ಅಂಕಗಳನ್ನು ಪಡೆದ 11 ವಿದ್ಯಾರ್ಥಿಗಳಿಗೆ ರೂ 2000/- ನಗದು ಮತ್ತು ಪ್ರಶಸ್ತಿ ಪತ್ರ ಮತ್ತು 2024-2025 ನೇ ಸಾಲಿನ ಎಸ್.ಎಸ್.ಎಲ್.ಸಿ ಪರೀಕ್ಷೆಯಲ್ಲಿ ಅತಿ ಹೆಚ್ಚು ಅಂಕ ಪಡೆದ 4 ವಿದ್ಯಾರ್ಥಿಗಳಿಗೆ ಹಾಗು 2024-2025 ನೇ ಸಾಲಿನ ಎಸ್.ಎಸ್.ಎಲ್.ಸಿ ಮತ್ತು ಪಿಯುಸಿ ಪರೀಕ್ಷೆಯಲ್ಲಿ ಶೇಕಡ 85 ಕ್ಕೂ ಹೆಚ್ಚು ಅಂಕಗಳನ್ನು ಪಡೆದ ಸೋಷಿಯಲ್ ಕ್ಲಬ್ ಸದಸ್ಯರ ಮಕ್ಕಳಿಗೆ ಪ್ರತಿಭಾ ಪುರಸ್ಕಾರವನ್ನು ನೀಡಲಾಯಿತು.

ಸರ್ಕಾರಿ ನೌಕರರಲ್ಲಿ ಸಮನ್ವಯತೆ ಅಗತ್ಯ
● ಭೀಮ ವಿಜಯ ನ್ಯೂಸ್

ಚನ್ನರಾಯಪಟ್ಟಣ: ಸರ್ಕಾರಿ ನೌಕರರ ನಡುವೆ ಭಿನ್ನಾಭಿಪ್ರಾಯವಿರದೇ ಎಲ್ಲ ಇಲಾಖೆಯ ನೌಕರರ ಮಧ್ಯೆ ಸಮನ್ವಯತೆ ಇದ್ದಾಗ ಮಾತ್ರ ಸಾರ್ವಜನಿಕ ಸೇವೆ ಸಮರ್ಪಕವಾಗಿ ನಡೆದು ತಾಲ್ಲೂಕಿನ ಅಭಿವೃದ್ಧಿಗೆ ಕಾರಣವಾಗುತ್ತದೆ ಎಂದು ಶಾಸಕ ಸಿ.ಎನ್. ಬಾಲಕೃಷ್ಣ ತಿಳಿಸಿದರು. ಪಟ್ಟಣದ ಸರ್ಕಾರಿ ನೌಕರರ ಭವನದಲ್ಲಿ ನಡೆದ ಕರ್ನಾಟಕ ರಾಜ್ಯ ಸರ್ಕಾರಿ ನೌಕರರ ಸಂಘದ ಚನ್ನರಾಯಪಟ್ಟಣ ತಾಲ್ಲೂಕು ಘಟಕಕ್ಕೆ ನೂತನ ಅಧ್ಯಕ್ಷರಾಗಿ ಅವಿರೋಧವಾಗಿ ಆಯ್ಕೆಯಾದ ಕಂದಾಯ ಇಲಾಖೆಯ ರಾಜಸ್ವ ನಿರೀಕ್ಷಕ ಎಂ.ಆರ್.ಮಂಜುನಾಥ್ ರವರನ್ನು ಅಭಿನಂದಿಸಿ ಮಾತನಾಡಿದ ಶಾಸಕರು, ನೌಕರರ ಬೇಡಿಕೆಗಳನ್ನು ಈಡೇರಿಸಲು ಸರ್ಕಾರದ ಗಮನ ಸೆಳೆಯಲಾಗುವುದು. ಎಲ್ಲ ಸದಸ್ಯರೂ ಹಾಗು ಧ್ಯೇಯೋದ್ದೇಶಗಳಿಗೆ ಬೆಂಬಲ ನೀಡಬೇಕು. ಜತೆಗೆ ಎಲ್ಲಾ

ನೌಕರರ ಆಶಾಸನೆಗಳ ಸರ್ಕಾರದ ಯೋಜನೆಗಳು ಪರಿಣಾಮಕಾರಿಯಾಗಿ ತಲುಪಲು ಸಾಧ್ಯವೆಂದರು. ಅಧಿಕಾರ ಸ್ವೀಕರಿಸಿದ ನೂತನ ಅಧ್ಯಕ್ಷ ಎಂ.ಆರ್. ಮಂಜುನಾಥ್ ಮಾತನಾಡಿ, ತಾಲ್ಲೂಕಿನ ಸರ್ಕಾರಿ ನೌಕರರಿಗೆ ಇರುವ ಸಮಸ್ಯೆಗಳನ್ನು ಬಗೆಹರಿಸಲು ಶ್ರಮಿಸುತ್ತೇನೆ. ಸರ್ಕಾರಿ ನೌಕರರ ಸಮಸ್ಯೆಗಳ ಬಗ್ಗೆ ನಿರ್ವಹಿಸಲು ಸಂಘದ ಪದಾಧಿಕಾರಿಗಳ ಸಹಕಾರ ಅಗತ್ಯ. ನೌಕರರು ಪ್ರಾಮಾಣಿಕವಾಗಿ ಕೆಲಸ ನಿರ್ವಹಿಸಬೇಕು ಎಂದರು. ನೌಕರ ಸಂಘಕ್ಕೆ ಅಧ್ಯಕ್ಷರಾಗಿ ಸ್ವತಃ ನಿವೃತ್ತಿಯಾಗಿರುವ ಮಾಜಿ ಅಧ್ಯಕ್ಷ ಹೆಚ್.ಎನ್.ಲೋಕೇಶ್, ಮಾಜಿ ಮಂಜ್ಯಾ ಮಾತನಾಡಿದರು.

Edited, Owned, Published Printed by: NAGARAJU.H.S. Karthik Nilaya, Hemavathi Nagar, Near Royal Appolo, 3rd Main, 12th Ward, Hassan,
Hassan Dist. Karnataka Printed at: HONALU GRAPHICS, Ashoka road, Vidhya Nagar, Hassan Hassan Dist. Karnataka State.
